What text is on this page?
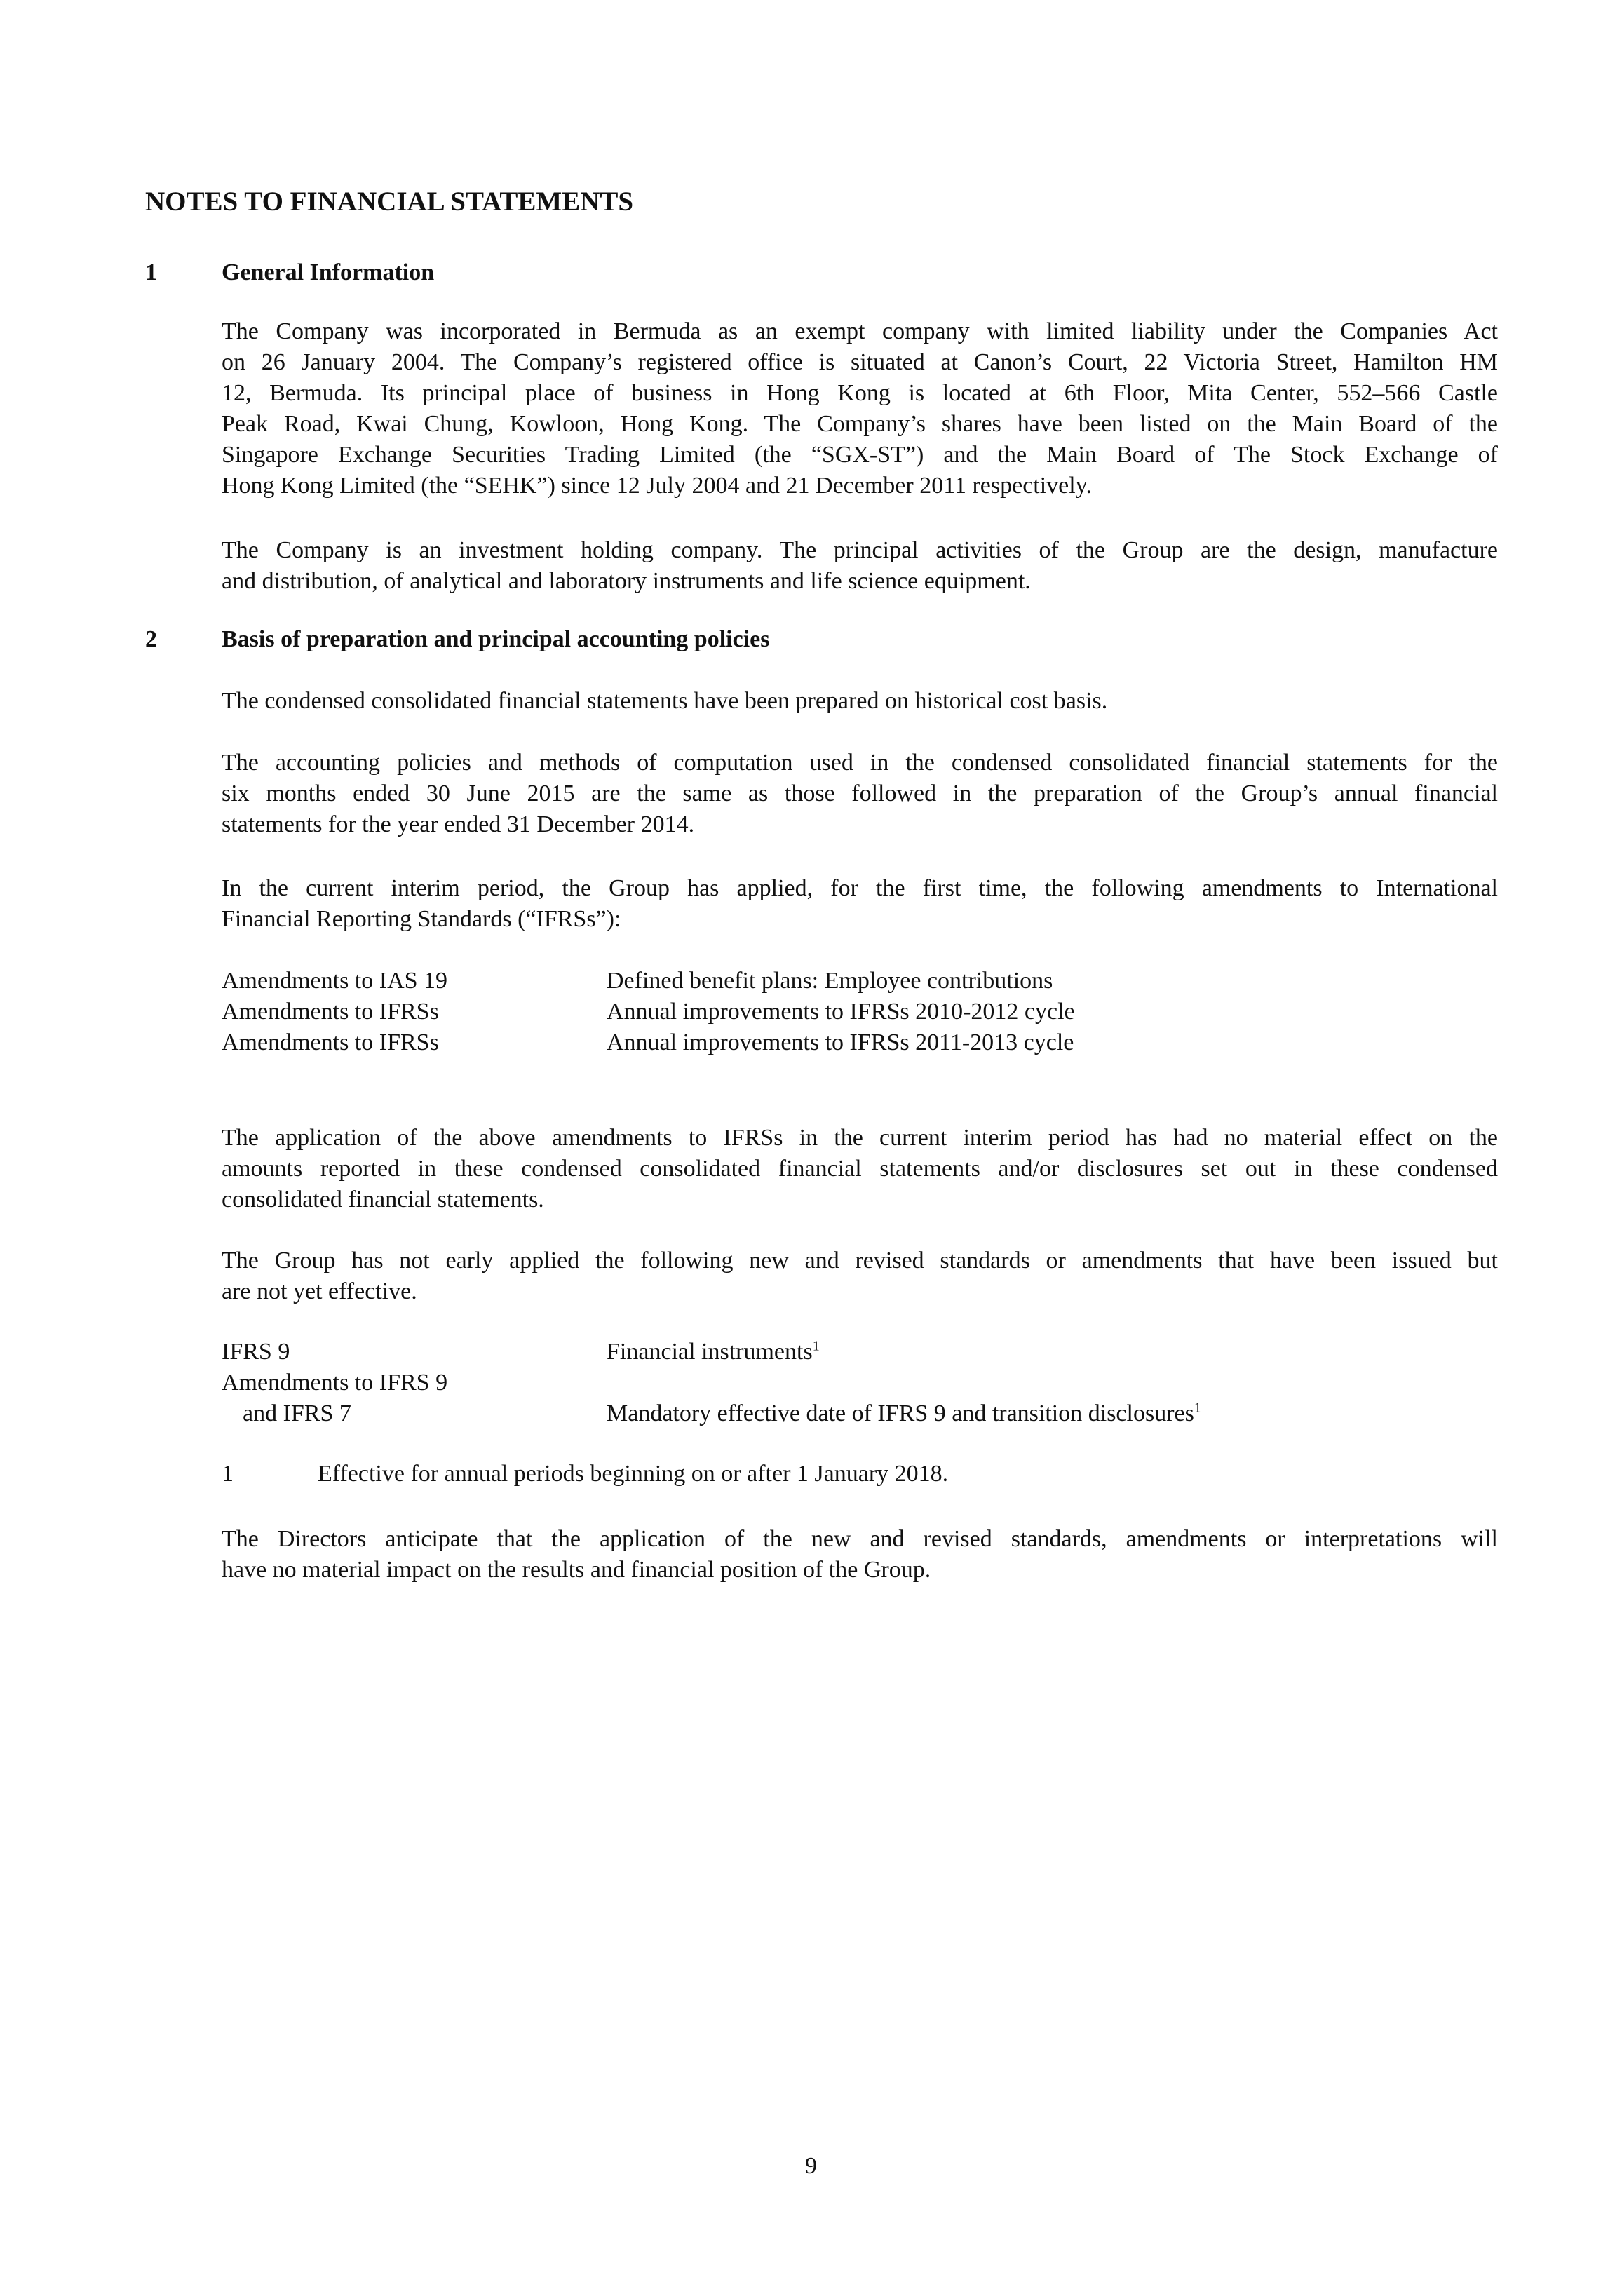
NOTES TO FINANCIAL STATEMENTS
1	General Information

The Company was incorporated in Bermuda as an exempt company with limited liability under the Companies Act
on 26 January 2004. The Company’s registered office is situated at Canon’s Court, 22 Victoria Street, Hamilton HM
12, Bermuda. Its principal place of business in Hong Kong is located at 6th Floor, Mita Center, 552–566 Castle
Peak Road, Kwai Chung, Kowloon, Hong Kong. The Company’s shares have been listed on the Main Board of the
Singapore Exchange Securities Trading Limited (the “SGX-ST”) and the Main Board of The Stock Exchange of
Hong Kong Limited (the “SEHK”) since 12 July 2004 and 21 December 2011 respectively.

The Company is an investment holding company. The principal activities of the Group are the design, manufacture
and distribution, of analytical and laboratory instruments and life science equipment.

2	Basis of preparation and principal accounting policies

The condensed consolidated financial statements have been prepared on historical cost basis.

The accounting policies and methods of computation used in the condensed consolidated financial statements for the
six months ended 30 June 2015 are the same as those followed in the preparation of the Group’s annual financial
statements for the year ended 31 December 2014.

In the current interim period, the Group has applied, for the first time, the following amendments to International
Financial Reporting Standards (“IFRSs”):

Amendments to IAS 19	Defined benefit plans: Employee contributions
Amendments to IFRSs	Annual improvements to IFRSs 2010-2012 cycle
Amendments to IFRSs	Annual improvements to IFRSs 2011-2013 cycle

The application of the above amendments to IFRSs in the current interim period has had no material effect on the
amounts reported in these condensed consolidated financial statements and/or disclosures set out in these condensed
consolidated financial statements.

The Group has not early applied the following new and revised standards or amendments that have been issued but
are not yet effective.

IFRS 9	Financial instruments$^1$
Amendments to IFRS 9
and IFRS 7	Mandatory effective date of IFRS 9 and transition disclosures$^1$
1	Effective for annual periods beginning on or after 1 January 2018.

The Directors anticipate that the application of the new and revised standards, amendments or interpretations will
have no material impact on the results and financial position of the Group.

9
